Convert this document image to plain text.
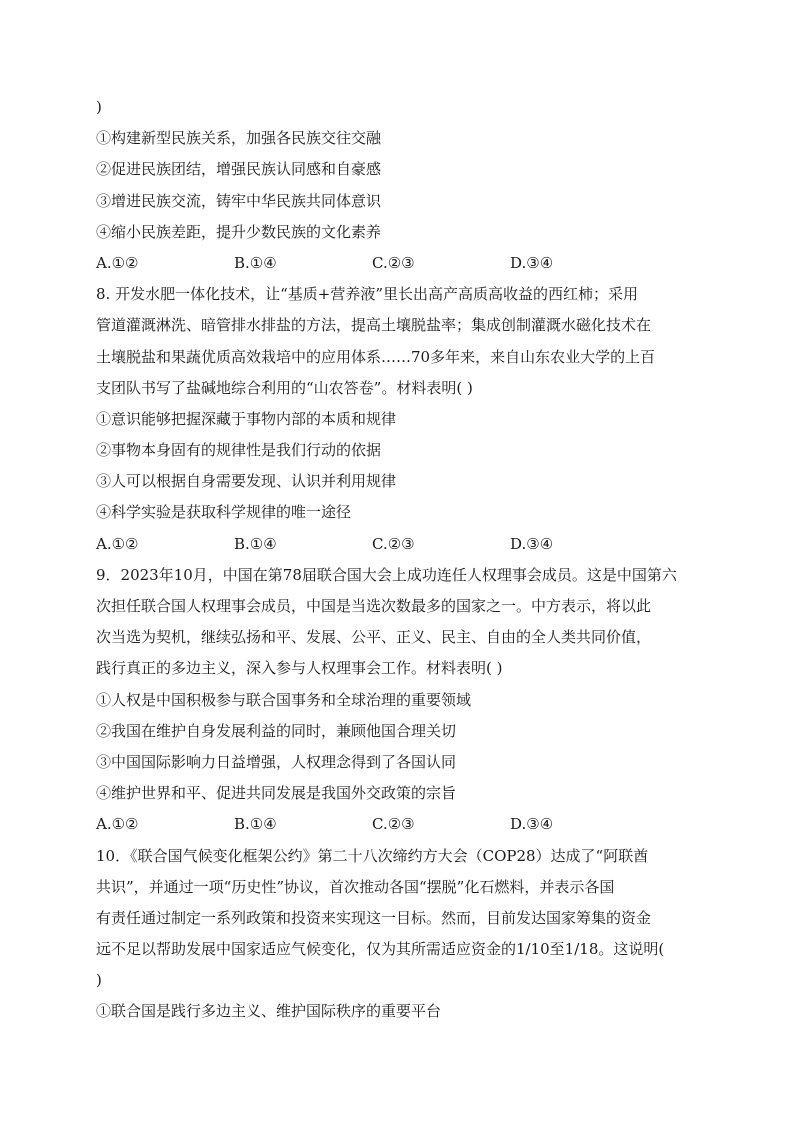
)
①构建新型民族关系，加强各民族交往交融
②促进民族团结，增强民族认同感和自豪感
③增进民族交流，铸牢中华民族共同体意识
④缩小民族差距，提升少数民族的文化素养
A.①②	B.①④	C.②③	D.③④
8. 开发水肥一体化技术，让“基质+营养液”里长出高产高质高收益的西红柿；采用
管道灌溉淋洗、暗管排水排盐的方法，提高土壤脱盐率；集成创制灌溉水磁化技术在
土壤脱盐和果蔬优质高效栽培中的应用体系……70多年来，来自山东农业大学的上百
支团队书写了盐碱地综合利用的“山农答卷”。材料表明( )
①意识能够把握深藏于事物内部的本质和规律
②事物本身固有的规律性是我们行动的依据
③人可以根据自身需要发现、认识并利用规律
④科学实验是获取科学规律的唯一途径
A.①②	B.①④	C.②③	D.③④
9．2023年10月，中国在第78届联合国大会上成功连任人权理事会成员。这是中国第六
次担任联合国人权理事会成员，中国是当选次数最多的国家之一。中方表示，将以此
次当选为契机，继续弘扬和平、发展、公平、正义、民主、自由的全人类共同价值，
践行真正的多边主义，深入参与人权理事会工作。材料表明( )
①人权是中国积极参与联合国事务和全球治理的重要领域
②我国在维护自身发展利益的同时，兼顾他国合理关切
③中国国际影响力日益增强，人权理念得到了各国认同
④维护世界和平、促进共同发展是我国外交政策的宗旨
A.①②	B.①④	C.②③	D.③④
10．《联合国气候变化框架公约》第二十八次缔约方大会（COP28）达成了“阿联酋
共识”，并通过一项“历史性”协议，首次推动各国“摆脱”化石燃料，并表示各国
有责任通过制定一系列政策和投资来实现这一目标。然而，目前发达国家筹集的资金
远不足以帮助发展中国家适应气候变化，仅为其所需适应资金的1/10至1/18。这说明(
)
①联合国是践行多边主义、维护国际秩序的重要平台
